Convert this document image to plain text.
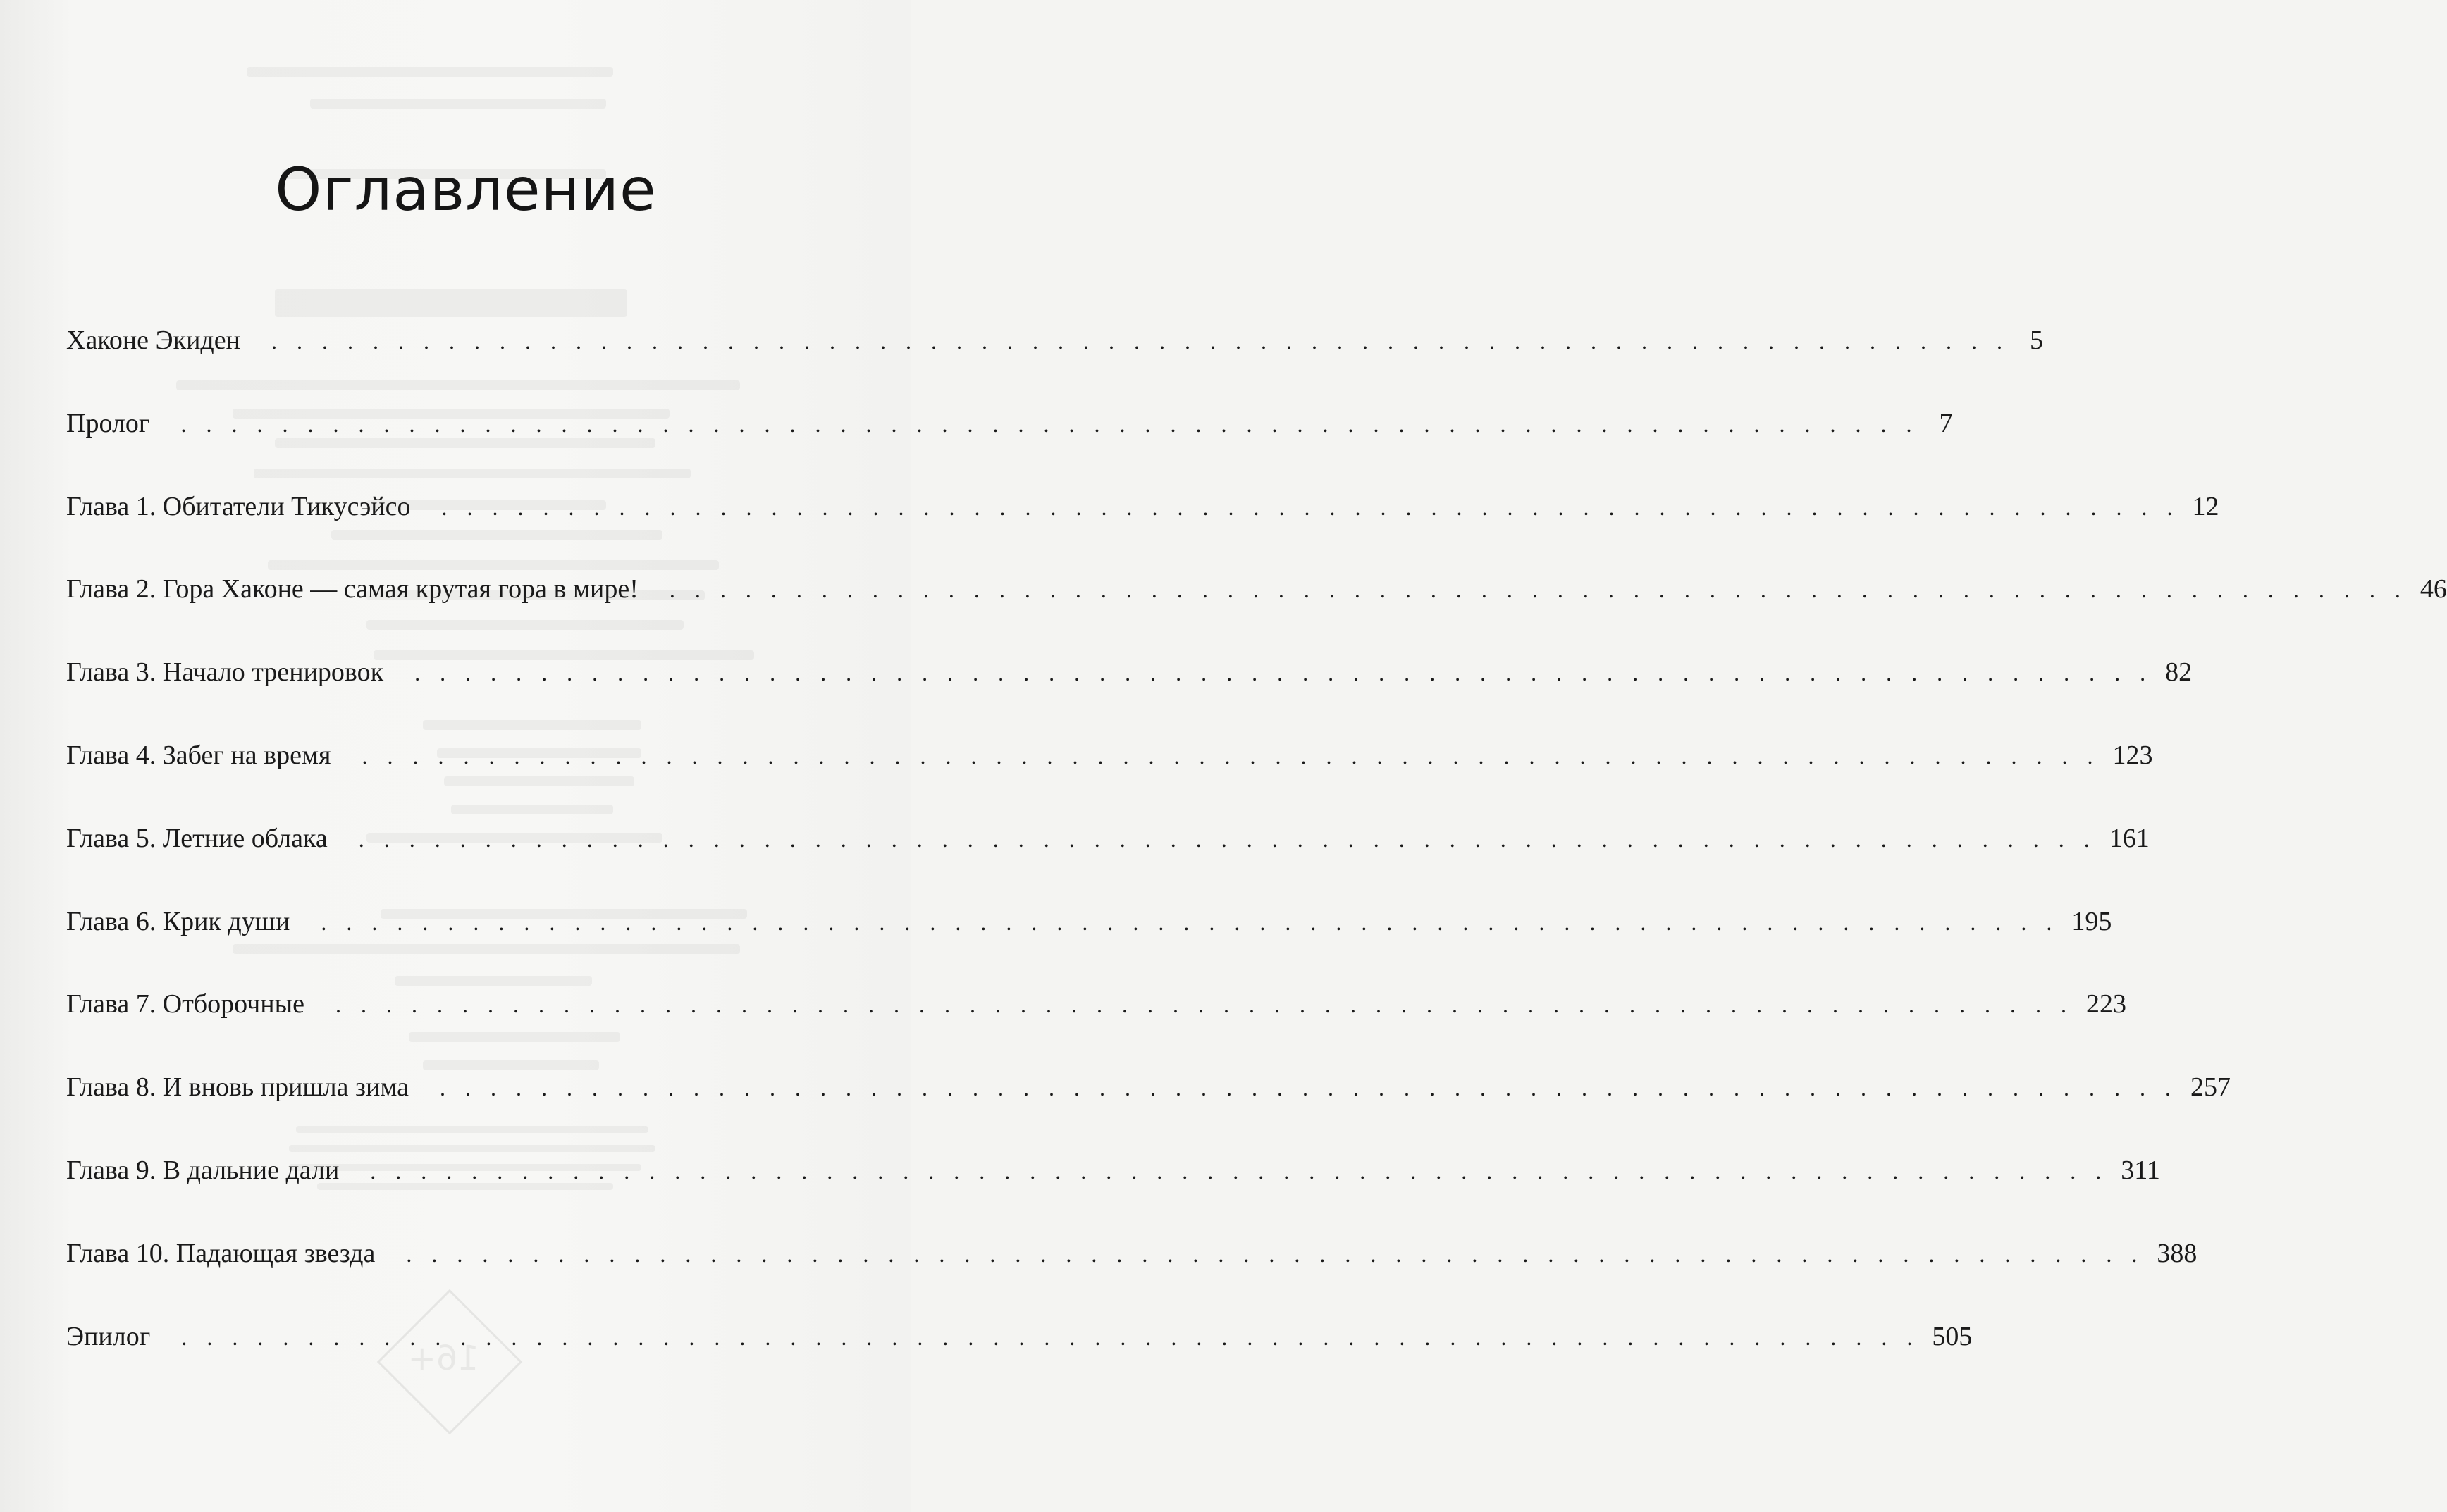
16+
Оглавление
Хаконе Экиден . . . . . . . . . . . . . . . . . . . . . . . . . . . . . . . . . . . . . . . . . . . . . . . . . . . . . . . . . . . . . . . . . . . . . 5
Пролог . . . . . . . . . . . . . . . . . . . . . . . . . . . . . . . . . . . . . . . . . . . . . . . . . . . . . . . . . . . . . . . . . . . . . 7
Глава 1. Обитатели Тикусэйсо . . . . . . . . . . . . . . . . . . . . . . . . . . . . . . . . . . . . . . . . . . . . . . . . . . . . . . . . . . . . . . . . . . . . . 12
Глава 2. Гора Хаконе — самая крутая гора в мире! . . . . . . . . . . . . . . . . . . . . . . . . . . . . . . . . . . . . . . . . . . . . . . . . . . . . . . . . . . . . . . . . . . . . . 46
Глава 3. Начало тренировок . . . . . . . . . . . . . . . . . . . . . . . . . . . . . . . . . . . . . . . . . . . . . . . . . . . . . . . . . . . . . . . . . . . . . 82
Глава 4. Забег на время . . . . . . . . . . . . . . . . . . . . . . . . . . . . . . . . . . . . . . . . . . . . . . . . . . . . . . . . . . . . . . . . . . . . . 123
Глава 5. Летние облака . . . . . . . . . . . . . . . . . . . . . . . . . . . . . . . . . . . . . . . . . . . . . . . . . . . . . . . . . . . . . . . . . . . . . 161
Глава 6. Крик души . . . . . . . . . . . . . . . . . . . . . . . . . . . . . . . . . . . . . . . . . . . . . . . . . . . . . . . . . . . . . . . . . . . . . 195
Глава 7. Отборочные . . . . . . . . . . . . . . . . . . . . . . . . . . . . . . . . . . . . . . . . . . . . . . . . . . . . . . . . . . . . . . . . . . . . . 223
Глава 8. И вновь пришла зима . . . . . . . . . . . . . . . . . . . . . . . . . . . . . . . . . . . . . . . . . . . . . . . . . . . . . . . . . . . . . . . . . . . . . 257
Глава 9. В дальние дали . . . . . . . . . . . . . . . . . . . . . . . . . . . . . . . . . . . . . . . . . . . . . . . . . . . . . . . . . . . . . . . . . . . . . 311
Глава 10. Падающая звезда . . . . . . . . . . . . . . . . . . . . . . . . . . . . . . . . . . . . . . . . . . . . . . . . . . . . . . . . . . . . . . . . . . . . . 388
Эпилог . . . . . . . . . . . . . . . . . . . . . . . . . . . . . . . . . . . . . . . . . . . . . . . . . . . . . . . . . . . . . . . . . . . . . 505
